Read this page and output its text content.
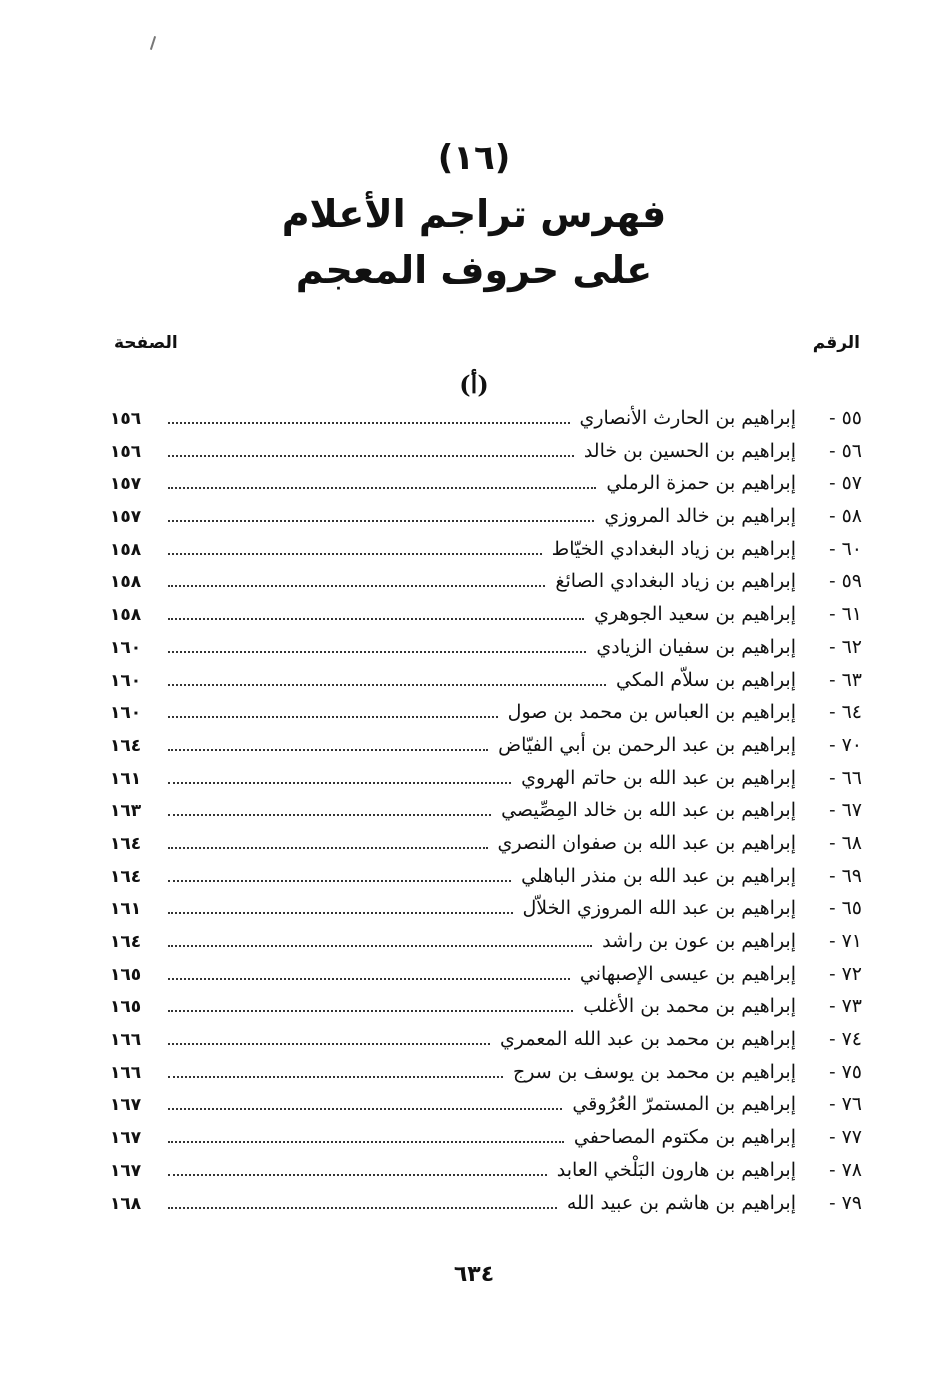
(١٦)
فهرس تراجم الأعلام
على حروف المعجم
الرقم
الصفحة
(أ)
٥٥ -
إبراهيم بن الحارث الأنصاري
١٥٦
٥٦ -
إبراهيم بن الحسين بن خالد
١٥٦
٥٧ -
إبراهيم بن حمزة الرملي
١٥٧
٥٨ -
إبراهيم بن خالد المروزي
١٥٧
٦٠ -
إبراهيم بن زياد البغدادي الخيّاط
١٥٨
٥٩ -
إبراهيم بن زياد البغدادي الصائغ
١٥٨
٦١ -
إبراهيم بن سعيد الجوهري
١٥٨
٦٢ -
إبراهيم بن سفيان الزيادي
١٦٠
٦٣ -
إبراهيم بن سلاّم المكي
١٦٠
٦٤ -
إبراهيم بن العباس بن محمد بن صول
١٦٠
٧٠ -
إبراهيم بن عبد الرحمن بن أبي الفيّاض
١٦٤
٦٦ -
إبراهيم بن عبد الله بن حاتم الهروي
١٦١
٦٧ -
إبراهيم بن عبد الله بن خالد المِصِّيصي
١٦٣
٦٨ -
إبراهيم بن عبد الله بن صفوان النصري
١٦٤
٦٩ -
إبراهيم بن عبد الله بن منذر الباهلي
١٦٤
٦٥ -
إبراهيم بن عبد الله المروزي الخلاّل
١٦١
٧١ -
إبراهيم بن عون بن راشد
١٦٤
٧٢ -
إبراهيم بن عيسى الإصبهاني
١٦٥
٧٣ -
إبراهيم بن محمد بن الأغلب
١٦٥
٧٤ -
إبراهيم بن محمد بن عبد الله المعمري
١٦٦
٧٥ -
إبراهيم بن محمد بن يوسف بن سرج
١٦٦
٧٦ -
إبراهيم بن المستمرّ العُرُوقي
١٦٧
٧٧ -
إبراهيم بن مكتوم المصاحفي
١٦٧
٧٨ -
إبراهيم بن هارون البَلْخي العابد
١٦٧
٧٩ -
إبراهيم بن هاشم بن عبيد الله
١٦٨
٦٣٤
